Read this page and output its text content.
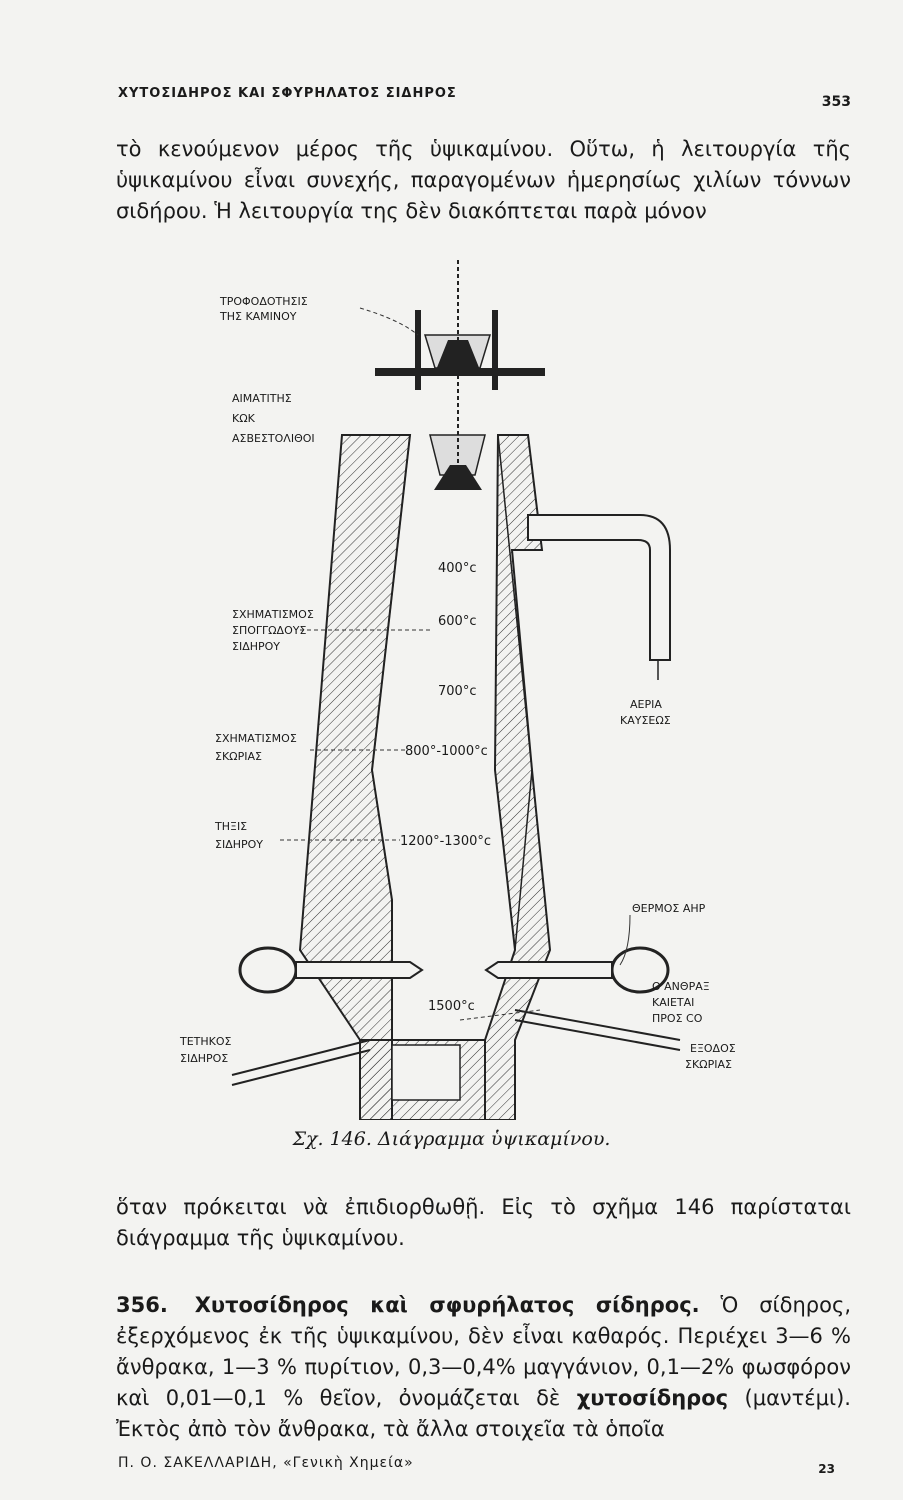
ΧΥΤΟΣΙΔΗΡΟΣ ΚΑΙ ΣΦΥΡΗΛΑΤΟΣ ΣΙΔΗΡΟΣ
353

τὸ κενούμενον μέρος τῆς ὑψικαμίνου. Οὕτω, ἡ λειτουργία τῆς ὑψικαμίνου εἶναι συνεχής, παραγομένων ἡμερησίως χιλίων τόννων σιδήρου. Ἡ λειτουργία της δὲν διακόπτεται παρὰ μόνον

ΤΡΟΦΟΔΟΤΗΣΙΣ
ΤΗΣ ΚΑΜΙΝΟΥ
ΑΙΜΑΤΙΤΗΣ
ΚΩΚ
ΑΣΒΕΣΤΟΛΙΘΟΙ
ΣΧΗΜΑΤΙΣΜΟΣ
ΣΠΟΓΓΩΔΟΥΣ
ΣΙΔΗΡΟΥ
ΣΧΗΜΑΤΙΣΜΟΣ
ΣΚΩΡΙΑΣ
ΤΗΞΙΣ
ΣΙΔΗΡΟΥ
ΤΕΤΗΚΟΣ
ΣΙΔΗΡΟΣ
400°c
600°c
700°c
800°-1000°c
1200°-1300°c
1500°c
ΑΕΡΙΑ
ΚΑΥΣΕΩΣ
ΘΕΡΜΟΣ ΑΗΡ
Ο ΑΝΘΡΑΞ
ΚΑΙΕΤΑΙ
ΠΡΟΣ CO
ΕΞΟΔΟΣ
ΣΚΩΡΙΑΣ
Σχ. 146. Διάγραμμα ὑψικαμίνου.

ὅταν πρόκειται νὰ ἐπιδιορθωθῇ. Εἰς τὸ σχῆμα 146 παρίσταται διάγραμμα τῆς ὑψικαμίνου.

356. Χυτοσίδηρος καὶ σφυρήλατος σίδηρος. Ὁ σίδηρος, ἐξερχόμενος ἐκ τῆς ὑψικαμίνου, δὲν εἶναι καθαρός. Περιέχει 3—6 % ἄνθρακα, 1—3 % πυρίτιον, 0,3—0,4% μαγγάνιον, 0,1—2% φωσφόρον καὶ 0,01—0,1 % θεῖον, ὀνομάζεται δὲ χυτοσίδηρος (μαντέμι). Ἐκτὸς ἀπὸ τὸν ἄνθρακα, τὰ ἄλλα στοιχεῖα τὰ ὁποῖα

Π. Ο. ΣΑΚΕΛΛΑΡΙΔΗ, «Γενικὴ Χημεία»	23
